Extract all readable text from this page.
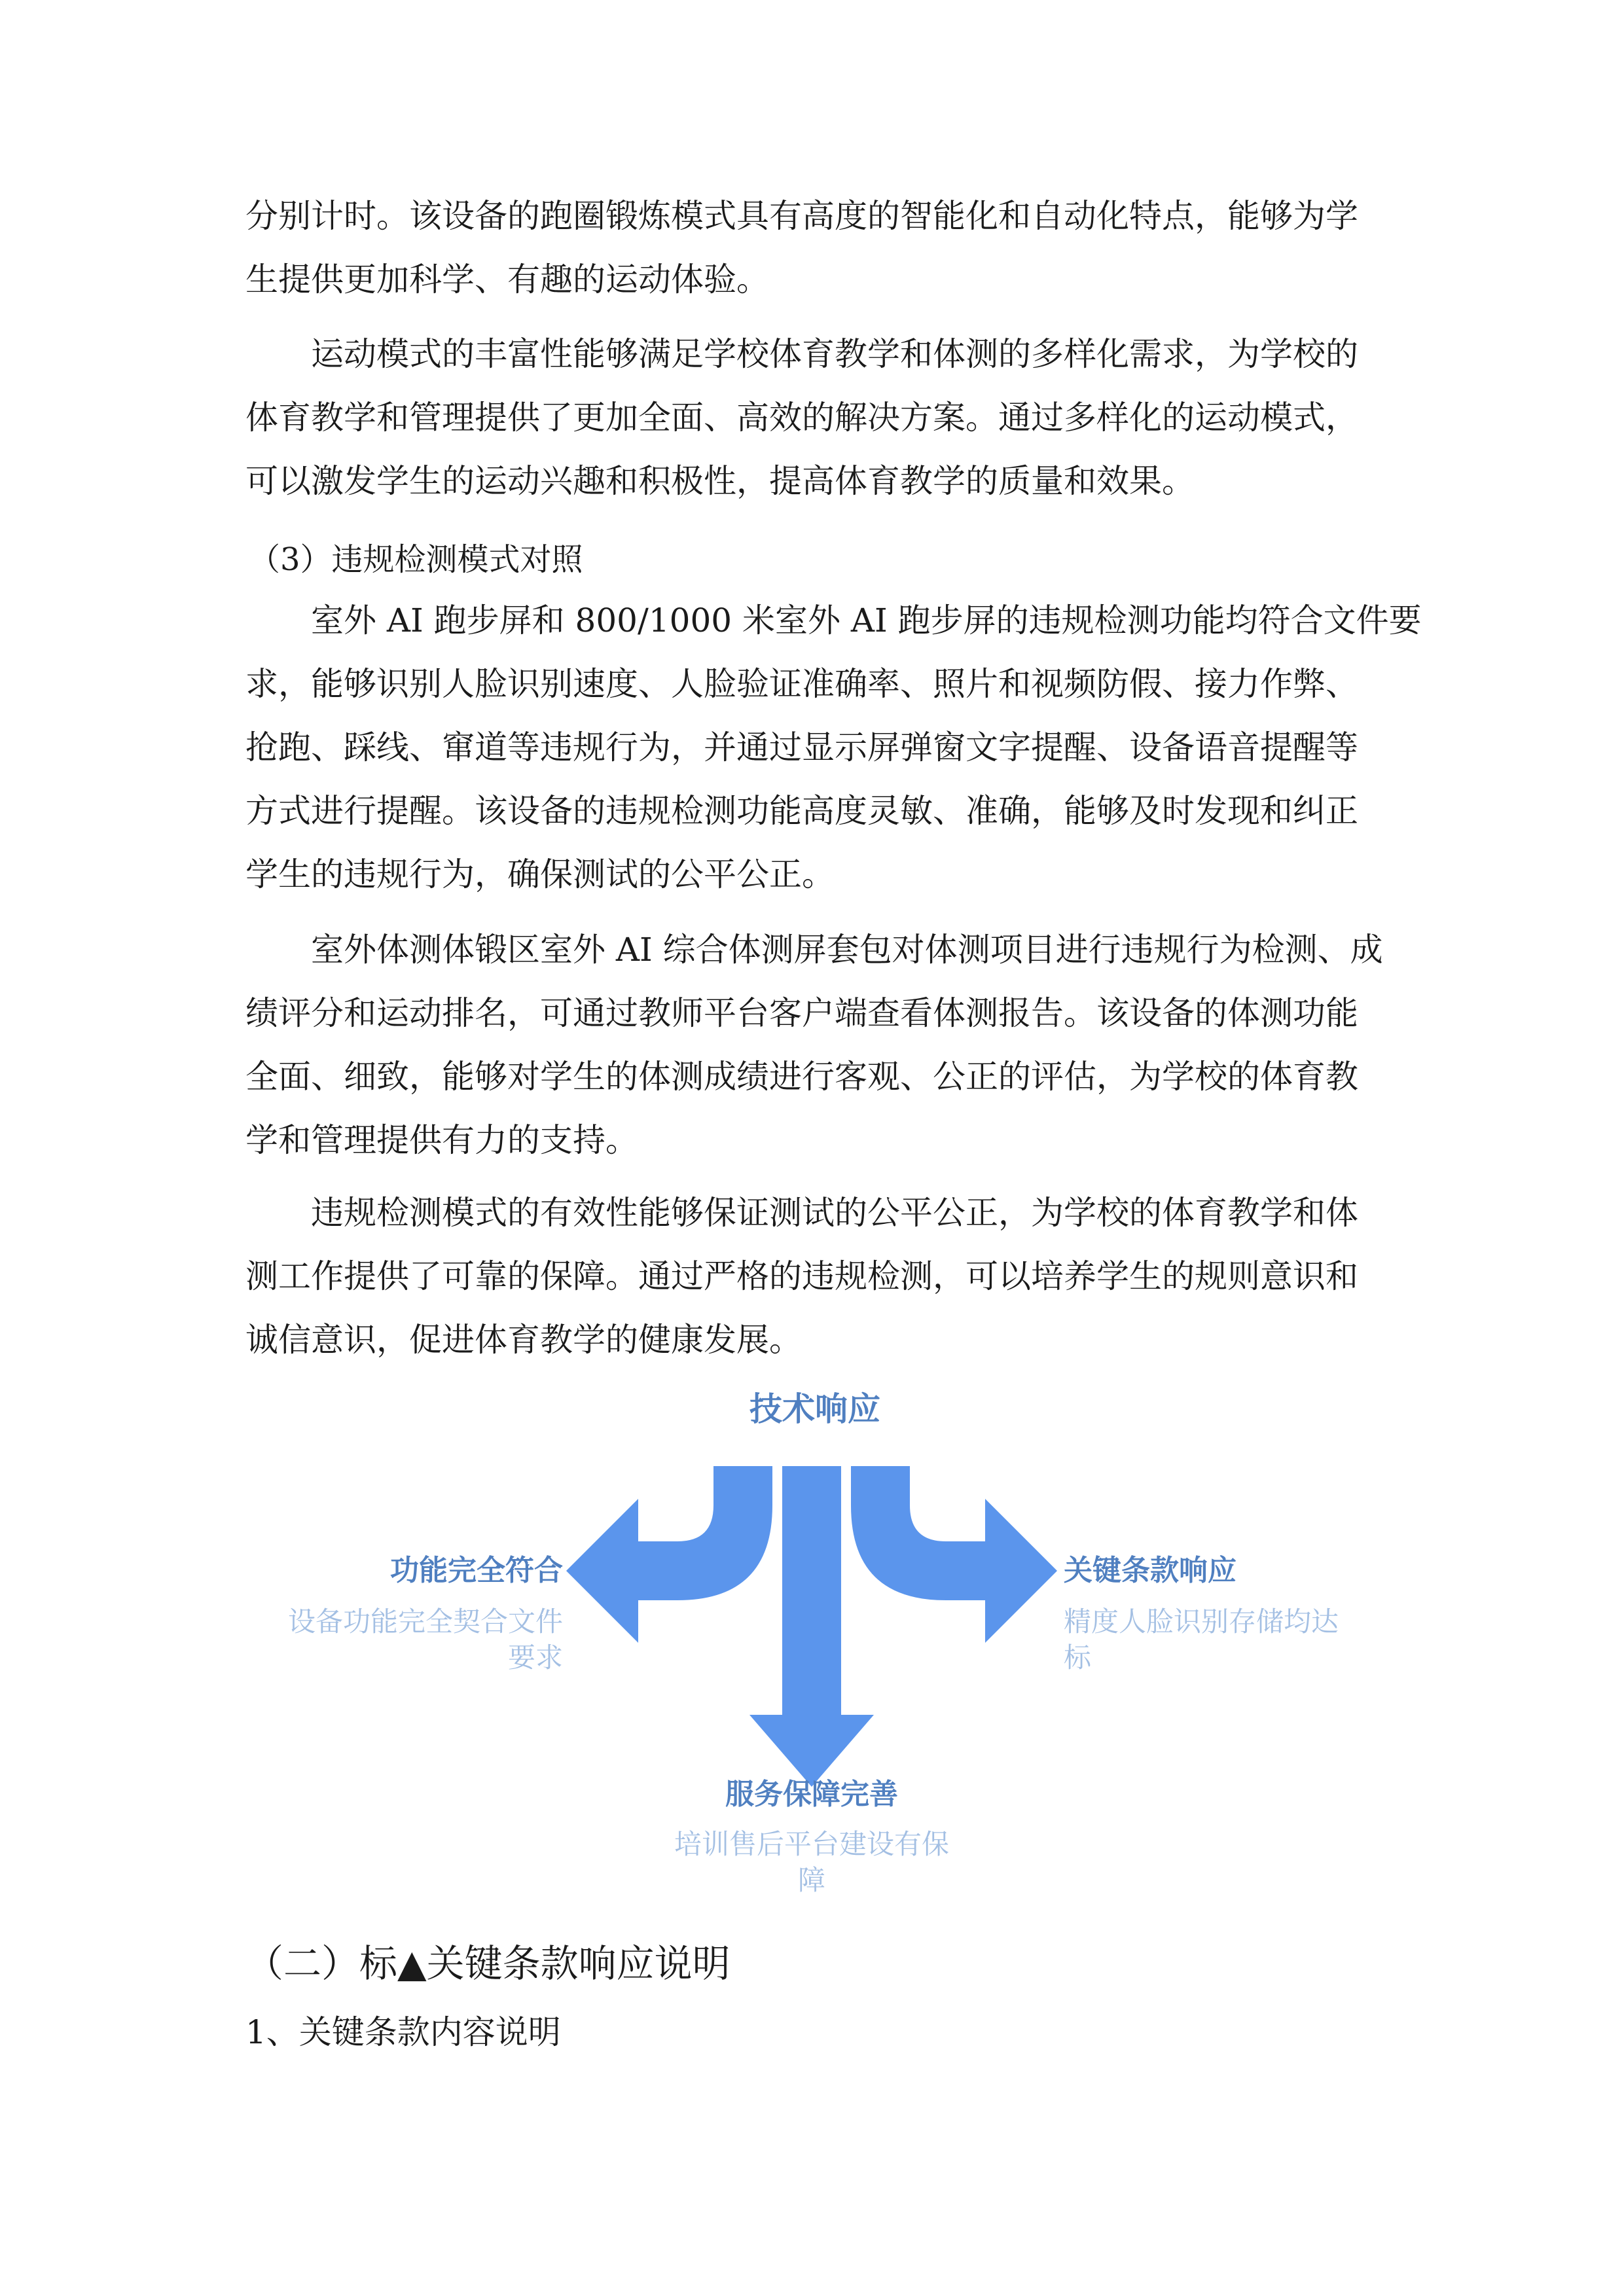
分别计时。该设备的跑圈锻炼模式具有高度的智能化和自动化特点，能够为学
生提供更加科学、有趣的运动体验。

运动模式的丰富性能够满足学校体育教学和体测的多样化需求，为学校的
体育教学和管理提供了更加全面、高效的解决方案。通过多样化的运动模式，
可以激发学生的运动兴趣和积极性，提高体育教学的质量和效果。

（3）违规检测模式对照

室外 AI 跑步屏和 800/1000 米室外 AI 跑步屏的违规检测功能均符合文件要
求，能够识别人脸识别速度、人脸验证准确率、照片和视频防假、接力作弊、
抢跑、踩线、窜道等违规行为，并通过显示屏弹窗文字提醒、设备语音提醒等
方式进行提醒。该设备的违规检测功能高度灵敏、准确，能够及时发现和纠正
学生的违规行为，确保测试的公平公正。

室外体测体锻区室外 AI 综合体测屏套包对体测项目进行违规行为检测、成
绩评分和运动排名，可通过教师平台客户端查看体测报告。该设备的体测功能
全面、细致，能够对学生的体测成绩进行客观、公正的评估，为学校的体育教
学和管理提供有力的支持。

违规检测模式的有效性能够保证测试的公平公正，为学校的体育教学和体
测工作提供了可靠的保障。通过严格的违规检测，可以培养学生的规则意识和
诚信意识，促进体育教学的健康发展。

技术响应
功能完全符合
设备功能完全契合文件
要求
关键条款响应
精度人脸识别存储均达
标
服务保障完善
培训售后平台建设有保
障
（二）标▲关键条款响应说明
1、关键条款内容说明
